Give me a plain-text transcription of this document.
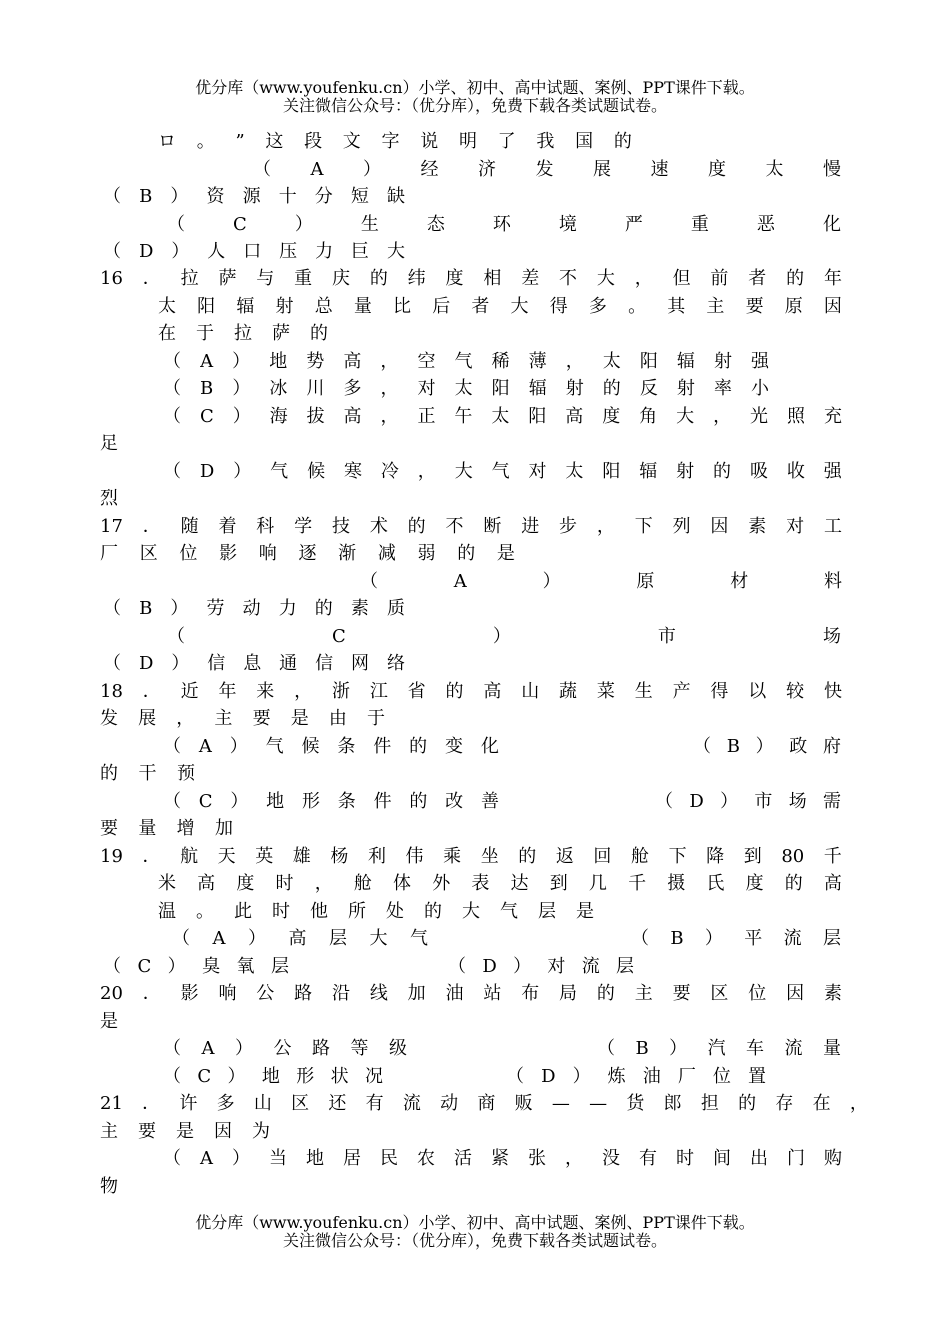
优分库（www.youfenku.cn）小学、初中、高中试题、案例、PPT课件下载。
关注微信公众号：（优分库），免费下载各类试题试卷。
ロ 。 ” 这 段 文 字 说 明 了 我 国 的
（ A ） 经 济 发 展 速 度 太 慢
（ B ） 资 源 十 分 短 缺
（	C	）	生	态	环	境	严	重	恶	化
（ D ） 人 口 压 力 巨 大
16 ． 拉 萨 与 重 庆 的 纬 度 相 差 不 大 ， 但 前 者 的 年
太 阳 辐 射 总 量 比 后 者 大 得 多 。 其 主 要 原 因
在 于 拉 萨 的
（ A ） 地 势 高 ， 空 气 稀 薄 ， 太 阳 辐 射 强
（ B ） 冰 川 多 ， 对 太 阳 辐 射 的 反 射 率 小
（ C ） 海 拔 高 ， 正 午 太 阳 高 度 角 大 ， 光 照 充
足
（ D ） 气 候 寒 冷 ， 大 气 对 太 阳 辐 射 的 吸 收 强
烈
17 ． 随 着 科 学 技 术 的 不 断 进 步 ， 下 列 因 素 对 工
厂 区 位 影 响 逐 渐 减 弱 的 是
（	A	）	原	材	料
（ B ） 劳 动 力 的 素 质
（	C	）	市	场
（ D ） 信 息 通 信 网 络
18 ． 近 年 来 ， 浙 江 省 的 高 山 蔬 菜 生 产 得 以 较 快
发 展 ， 主 要 是 由 于
（ A ） 气 候 条 件 的 变 化	（ B ） 政 府
的 干 预
（ C ） 地 形 条 件 的 改 善	（ D ） 市 场 需
要 量 增 加
19 ． 航 天 英 雄 杨 利 伟 乘 坐 的 返 回 舱 下 降 到 80 千
米 高 度 时 ， 舱 体 外 表 达 到 几 千 摄 氏 度 的 高
温 。 此 时 他 所 处 的 大 气 层 是
（ A ） 高 层 大 气	（ B ） 平 流 层
（ C ） 臭 氧 层	（ D ） 对 流 层
20 ． 影 响 公 路 沿 线 加 油 站 布 局 的 主 要 区 位 因 素
是
（ A ） 公 路 等 级	（ B ） 汽 车 流 量
（ C ） 地 形 状 况	（ D ） 炼 油 厂 位 置
21 ． 许 多 山 区 还 有 流 动 商 贩 — — 货 郎 担 的 存 在 ，
主 要 是 因 为
（ A ） 当 地 居 民 农 活 紧 张 ， 没 有 时 间 出 门 购
物
优分库（www.youfenku.cn）小学、初中、高中试题、案例、PPT课件下载。
关注微信公众号：（优分库），免费下载各类试题试卷。
